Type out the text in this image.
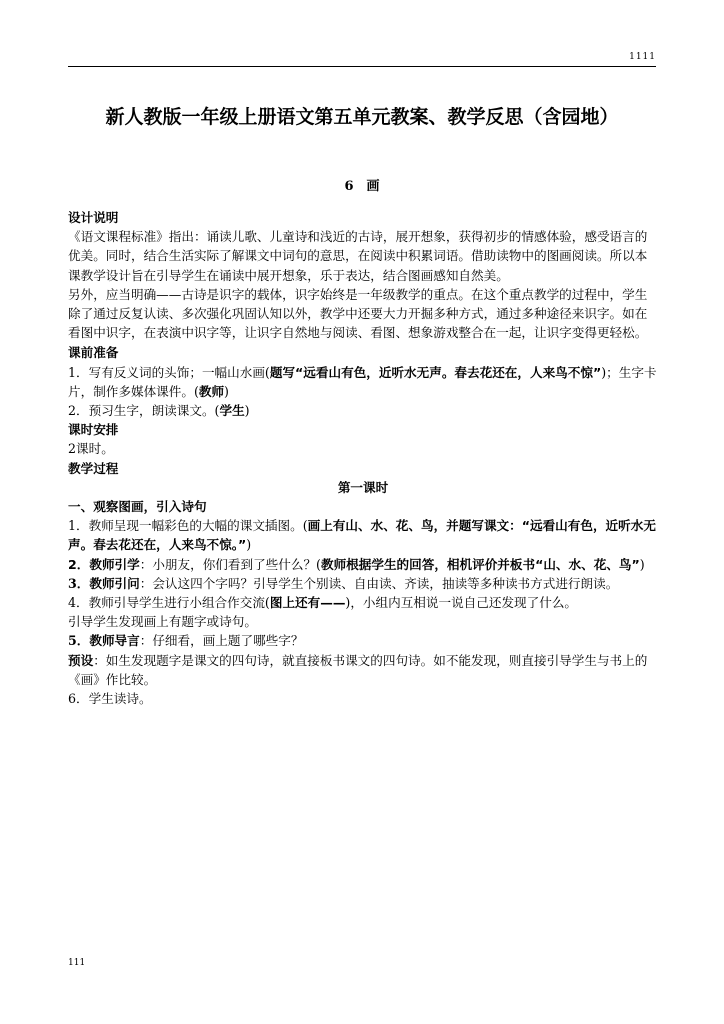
1111
新人教版一年级上册语文第五单元教案、教学反思（含园地）
6　画

设计说明

《语文课程标准》指出：诵读儿歌、儿童诗和浅近的古诗，展开想象，获得初步的情感体验，感受语言的优美。同时，结合生活实际了解课文中词句的意思，在阅读中积累词语。借助读物中的图画阅读。所以本课教学设计旨在引导学生在诵读中展开想象，乐于表达，结合图画感知自然美。

另外，应当明确——古诗是识字的载体，识字始终是一年级教学的重点。在这个重点教学的过程中，学生除了通过反复认读、多次强化巩固认知以外，教学中还要大力开掘多种方式，通过多种途径来识字。如在看图中识字，在表演中识字等，让识字自然地与阅读、看图、想象游戏整合在一起，让识字变得更轻松。

课前准备

1．写有反义词的头饰；一幅山水画(题写“远看山有色，近听水无声。春去花还在，人来鸟不惊”)；生字卡片，制作多媒体课件。(教师)

2．预习生字，朗读课文。(学生)

课时安排

2课时。

教学过程

第一课时

一、观察图画，引入诗句

1．教师呈现一幅彩色的大幅的课文插图。(画上有山、水、花、鸟，并题写课文：“远看山有色，近听水无声。春去花还在，人来鸟不惊。”)

2．教师引学：小朋友，你们看到了些什么？(教师根据学生的回答，相机评价并板书“山、水、花、鸟”)

3．教师引问：会认这四个字吗？引导学生个别读、自由读、齐读，抽读等多种读书方式进行朗读。

4．教师引导学生进行小组合作交流(图上还有——)，小组内互相说一说自己还发现了什么。

引导学生发现画上有题字或诗句。

5．教师导言：仔细看，画上题了哪些字？

预设：如生发现题字是课文的四句诗，就直接板书课文的四句诗。如不能发现，则直接引导学生与书上的《画》作比较。

6．学生读诗。

111
